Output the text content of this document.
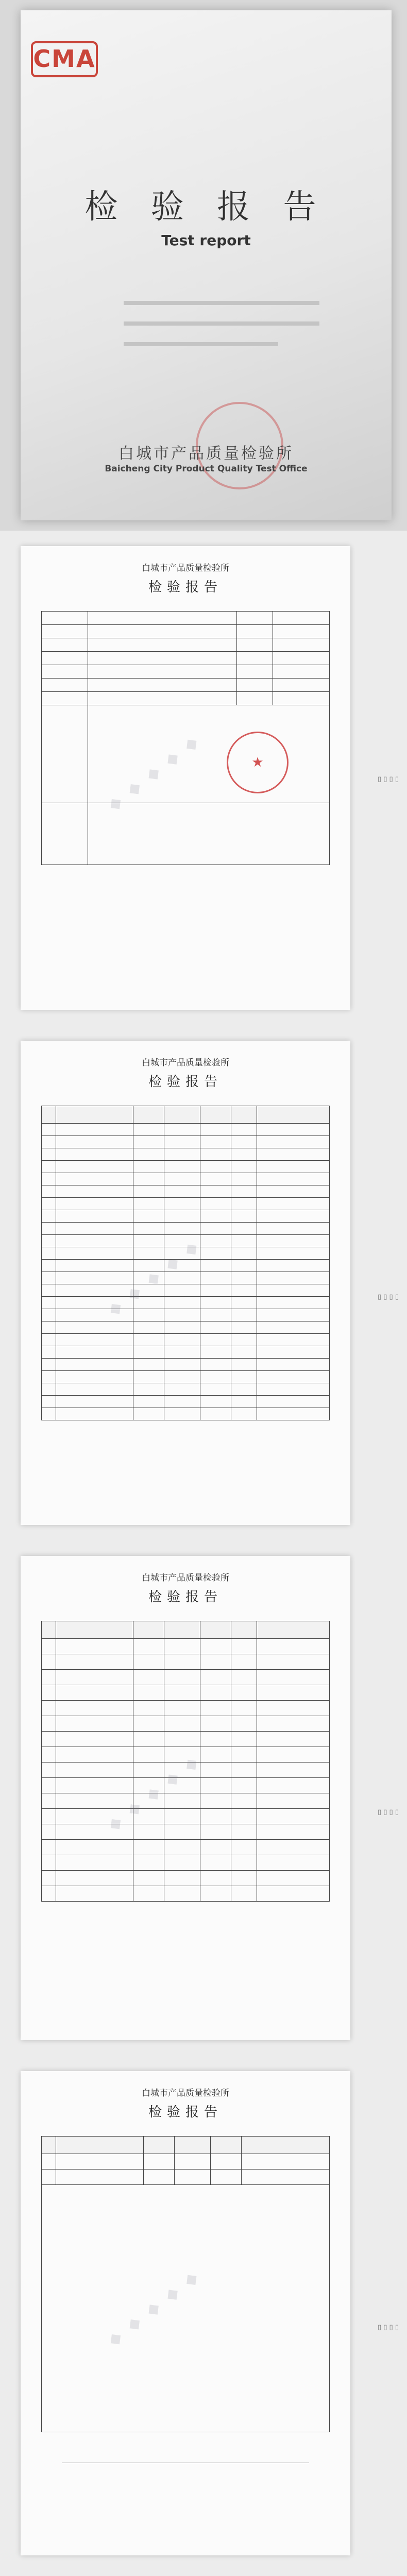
CMA
检 验 报 告
Test report
白城市产品质量检验所
Baicheng City Product Quality Test Office
白城市产品质量检验所
检验报告

★
◆ ◆ ◆ ◆ ◆	▯ ▯ ▯ ▯
白城市产品质量检验所
检验报告

◆ ◆ ◆ ◆ ◆	▯ ▯ ▯ ▯
白城市产品质量检验所
检验报告

◆ ◆ ◆ ◆ ◆	▯ ▯ ▯ ▯
白城市产品质量检验所
检验报告

◆ ◆ ◆ ◆ ◆	▯ ▯ ▯ ▯
